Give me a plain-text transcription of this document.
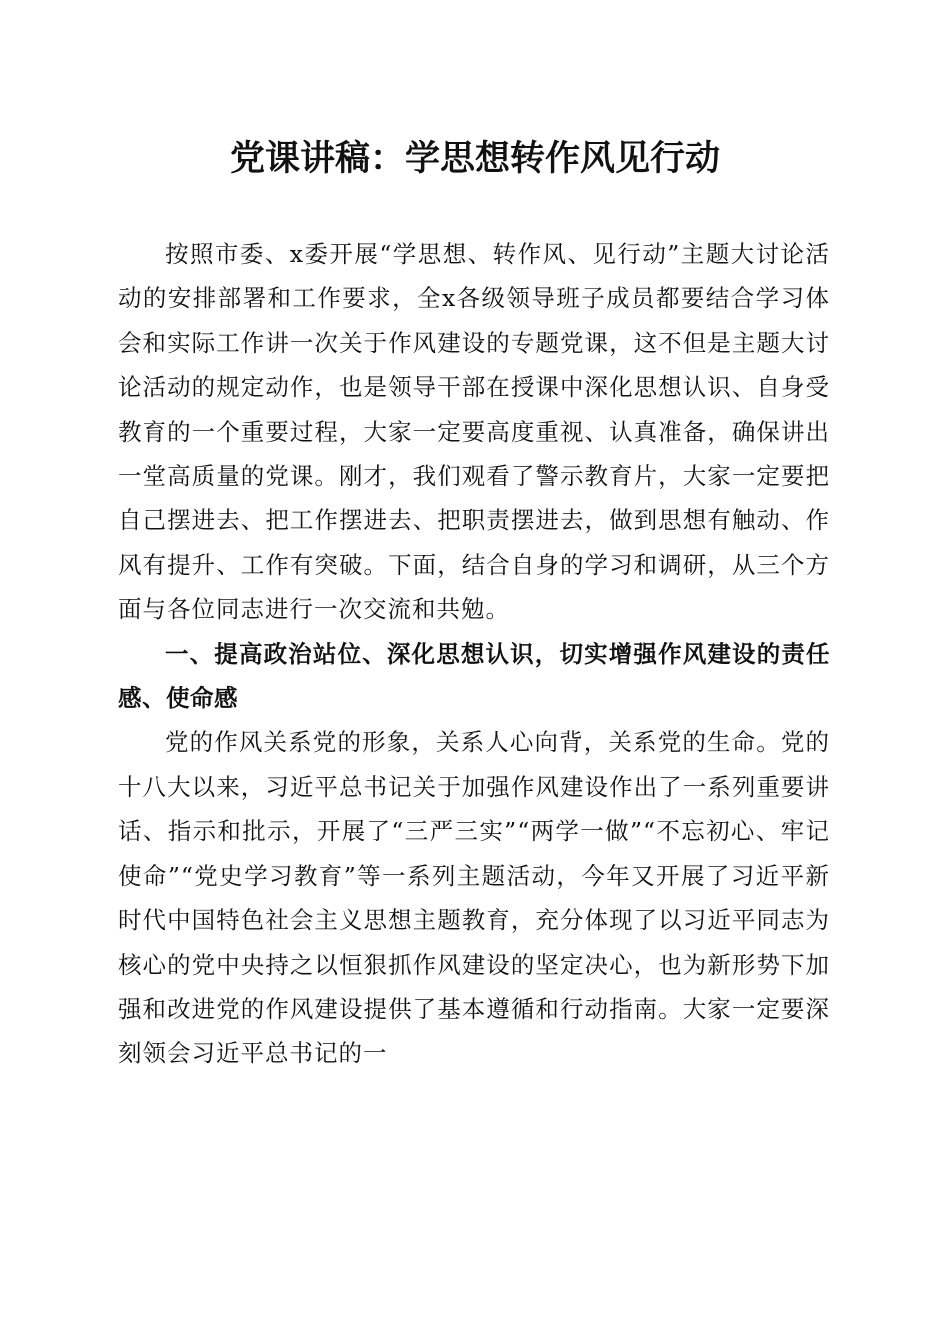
党课讲稿：学思想转作风见行动

按照市委、x委开展“学思想、转作风、见行动”主题大讨论活动的安排部署和工作要求，全x各级领导班子成员都要结合学习体会和实际工作讲一次关于作风建设的专题党课，这不但是主题大讨论活动的规定动作，也是领导干部在授课中深化思想认识、自身受教育的一个重要过程，大家一定要高度重视、认真准备，确保讲出一堂高质量的党课。刚才，我们观看了警示教育片，大家一定要把自己摆进去、把工作摆进去、把职责摆进去，做到思想有触动、作风有提升、工作有突破。下面，结合自身的学习和调研，从三个方面与各位同志进行一次交流和共勉。

一、提高政治站位、深化思想认识，切实增强作风建设的责任感、使命感

党的作风关系党的形象，关系人心向背，关系党的生命。党的十八大以来，习近平总书记关于加强作风建设作出了一系列重要讲话、指示和批示，开展了“三严三实”“两学一做”“不忘初心、牢记使命”“党史学习教育”等一系列主题活动，今年又开展了习近平新时代中国特色社会主义思想主题教育，充分体现了以习近平同志为核心的党中央持之以恒狠抓作风建设的坚定决心，也为新形势下加强和改进党的作风建设提供了基本遵循和行动指南。大家一定要深刻领会习近平总书记的一
